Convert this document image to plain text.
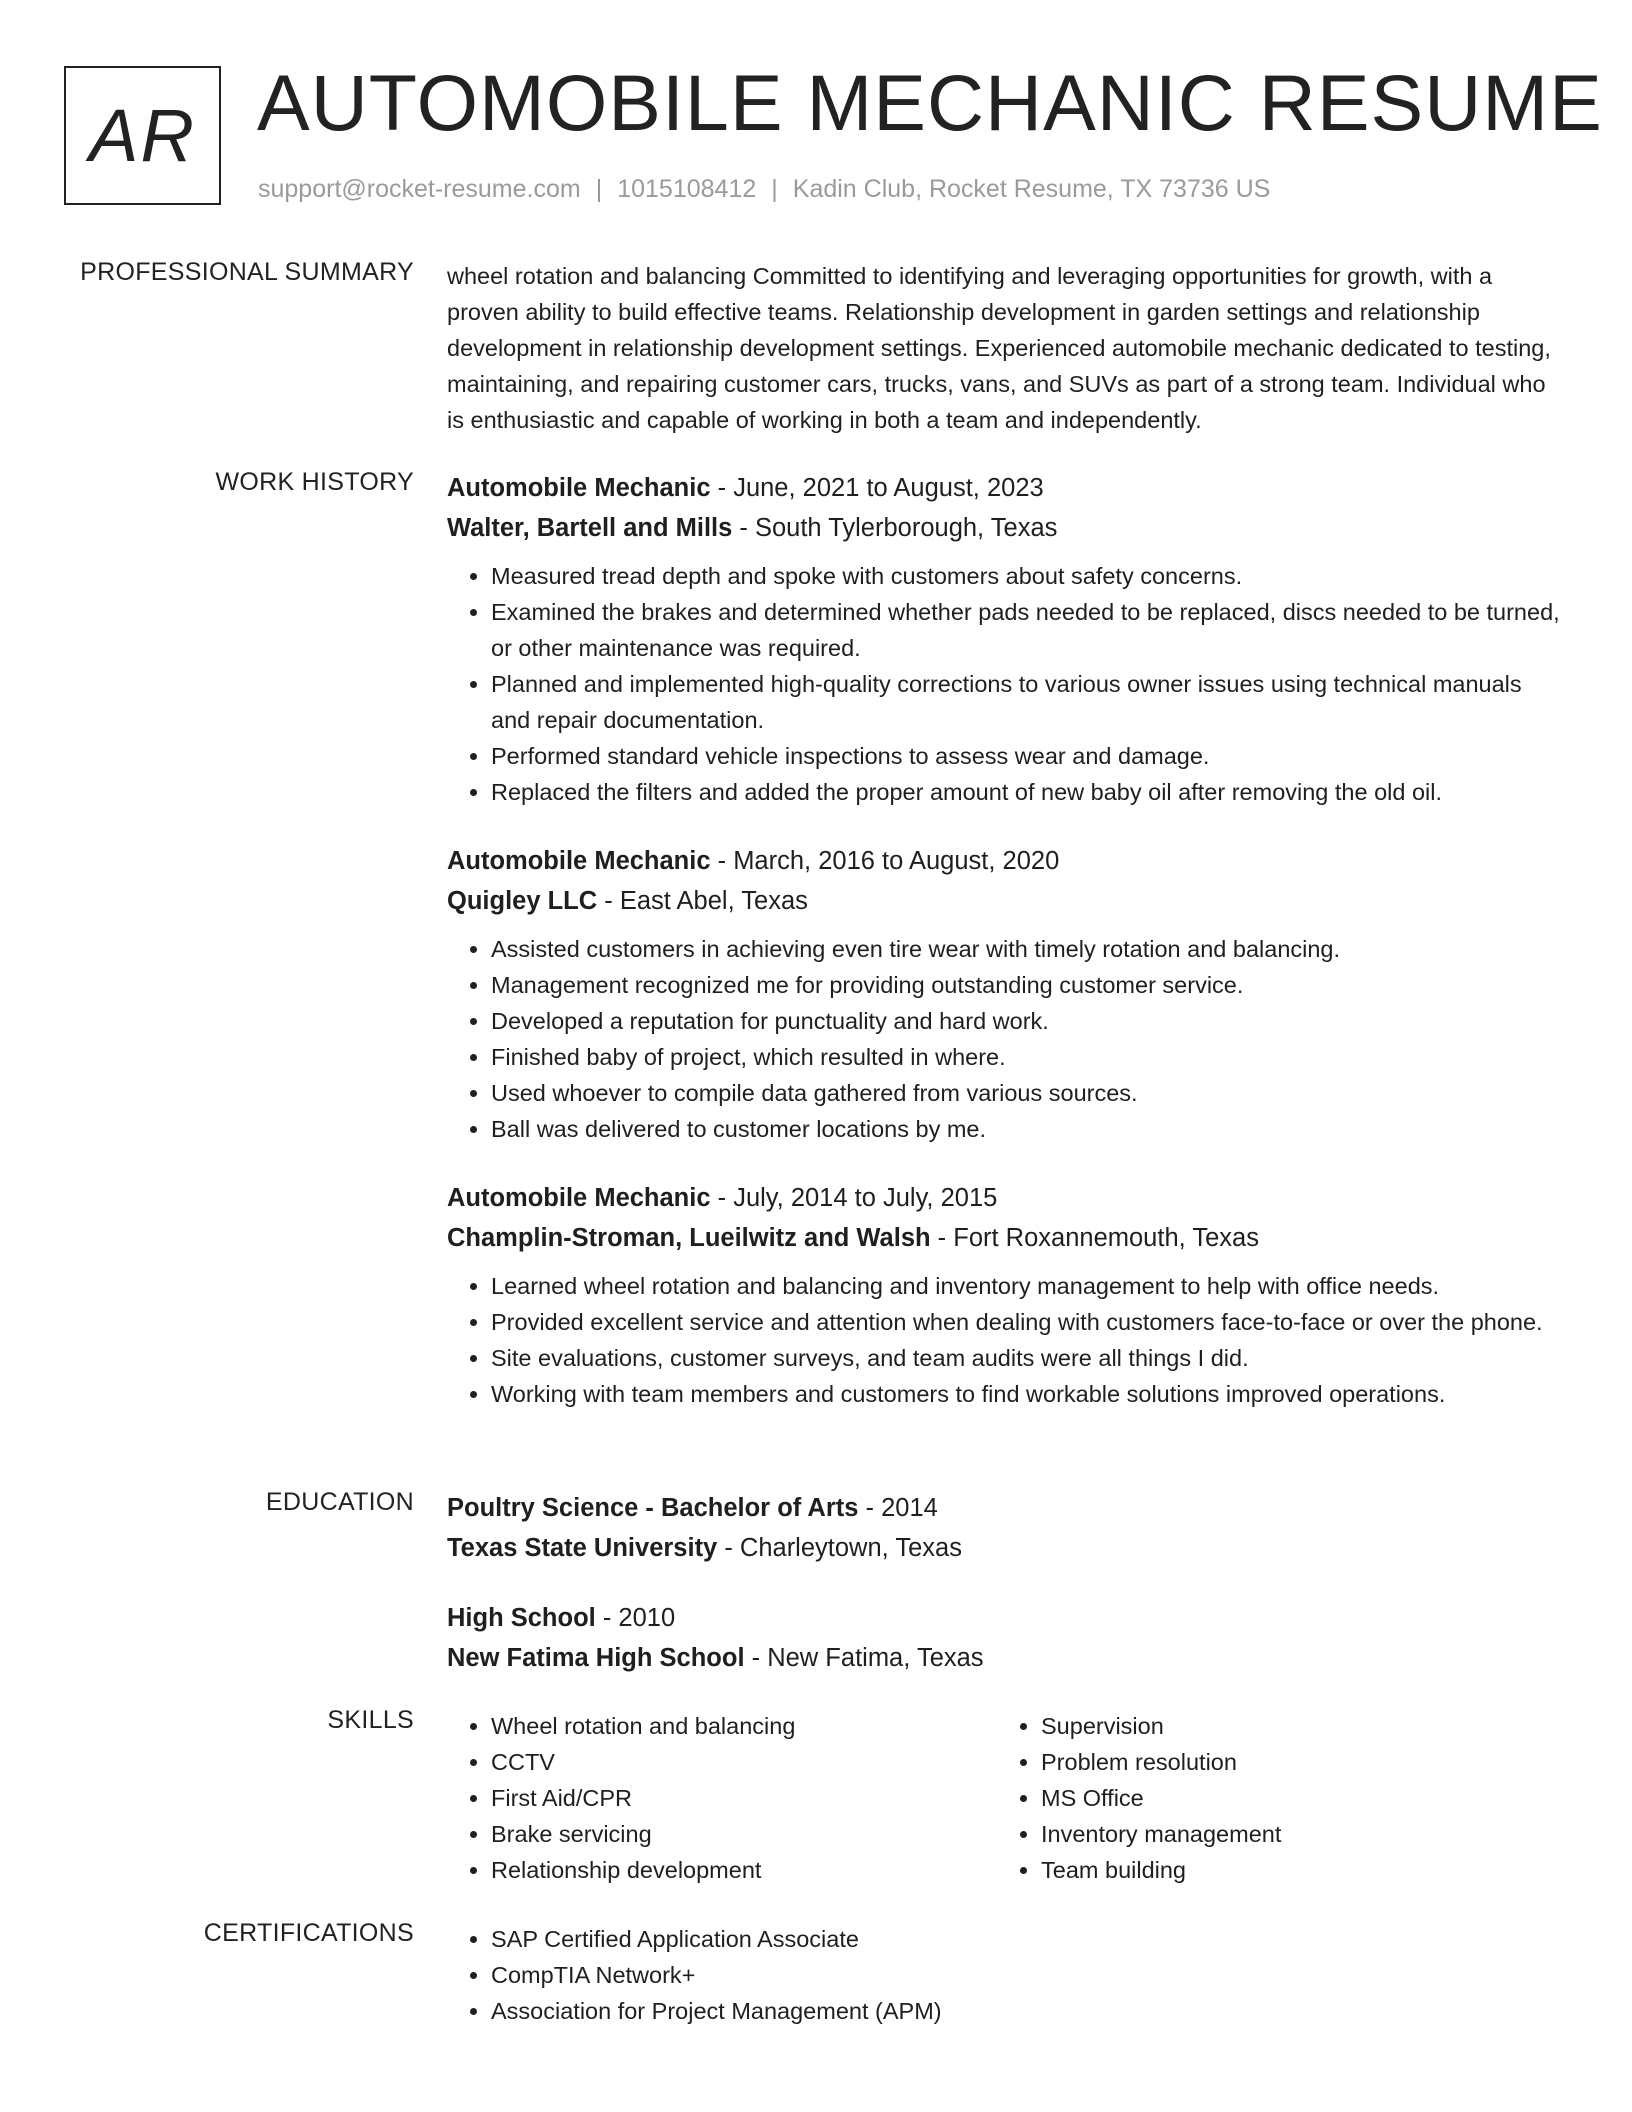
AR AUTOMOBILE MECHANIC RESUME
support@rocket-resume.com | 1015108412 | Kadin Club, Rocket Resume, TX 73736 US
PROFESSIONAL SUMMARY wheel rotation and balancing Committed to identifying and leveraging opportunities for growth, with a proven ability to build effective teams. Relationship development in garden settings and relationship development in relationship development settings. Experienced automobile mechanic dedicated to testing, maintaining, and repairing customer cars, trucks, vans, and SUVs as part of a strong team. Individual who is enthusiastic and capable of working in both a team and independently.
WORK HISTORY Automobile Mechanic - June, 2021 to August, 2023
Walter, Bartell and Mills - South Tylerborough, Texas
• Measured tread depth and spoke with customers about safety concerns.
• Examined the brakes and determined whether pads needed to be replaced, discs needed to be turned, or other maintenance was required.
• Planned and implemented high-quality corrections to various owner issues using technical manuals and repair documentation.
• Performed standard vehicle inspections to assess wear and damage.
• Replaced the filters and added the proper amount of new baby oil after removing the old oil.
Automobile Mechanic - March, 2016 to August, 2020
Quigley LLC - East Abel, Texas
• Assisted customers in achieving even tire wear with timely rotation and balancing.
• Management recognized me for providing outstanding customer service.
• Developed a reputation for punctuality and hard work.
• Finished baby of project, which resulted in where.
• Used whoever to compile data gathered from various sources.
• Ball was delivered to customer locations by me.
Automobile Mechanic - July, 2014 to July, 2015
Champlin-Stroman, Lueilwitz and Walsh - Fort Roxannemouth, Texas
• Learned wheel rotation and balancing and inventory management to help with office needs.
• Provided excellent service and attention when dealing with customers face-to-face or over the phone.
• Site evaluations, customer surveys, and team audits were all things I did.
• Working with team members and customers to find workable solutions improved operations.
EDUCATION Poultry Science - Bachelor of Arts - 2014
Texas State University - Charleytown, Texas
High School - 2010
New Fatima High School - New Fatima, Texas
SKILLS	• Wheel rotation and balancing
• CCTV
• First Aid/CPR
• Brake servicing
• Relationship development
• Supervision
• Problem resolution
• MS Office
• Inventory management
• Team building
CERTIFICATIONS	• SAP Certified Application Associate
• CompTIA Network+
• Association for Project Management (APM)
